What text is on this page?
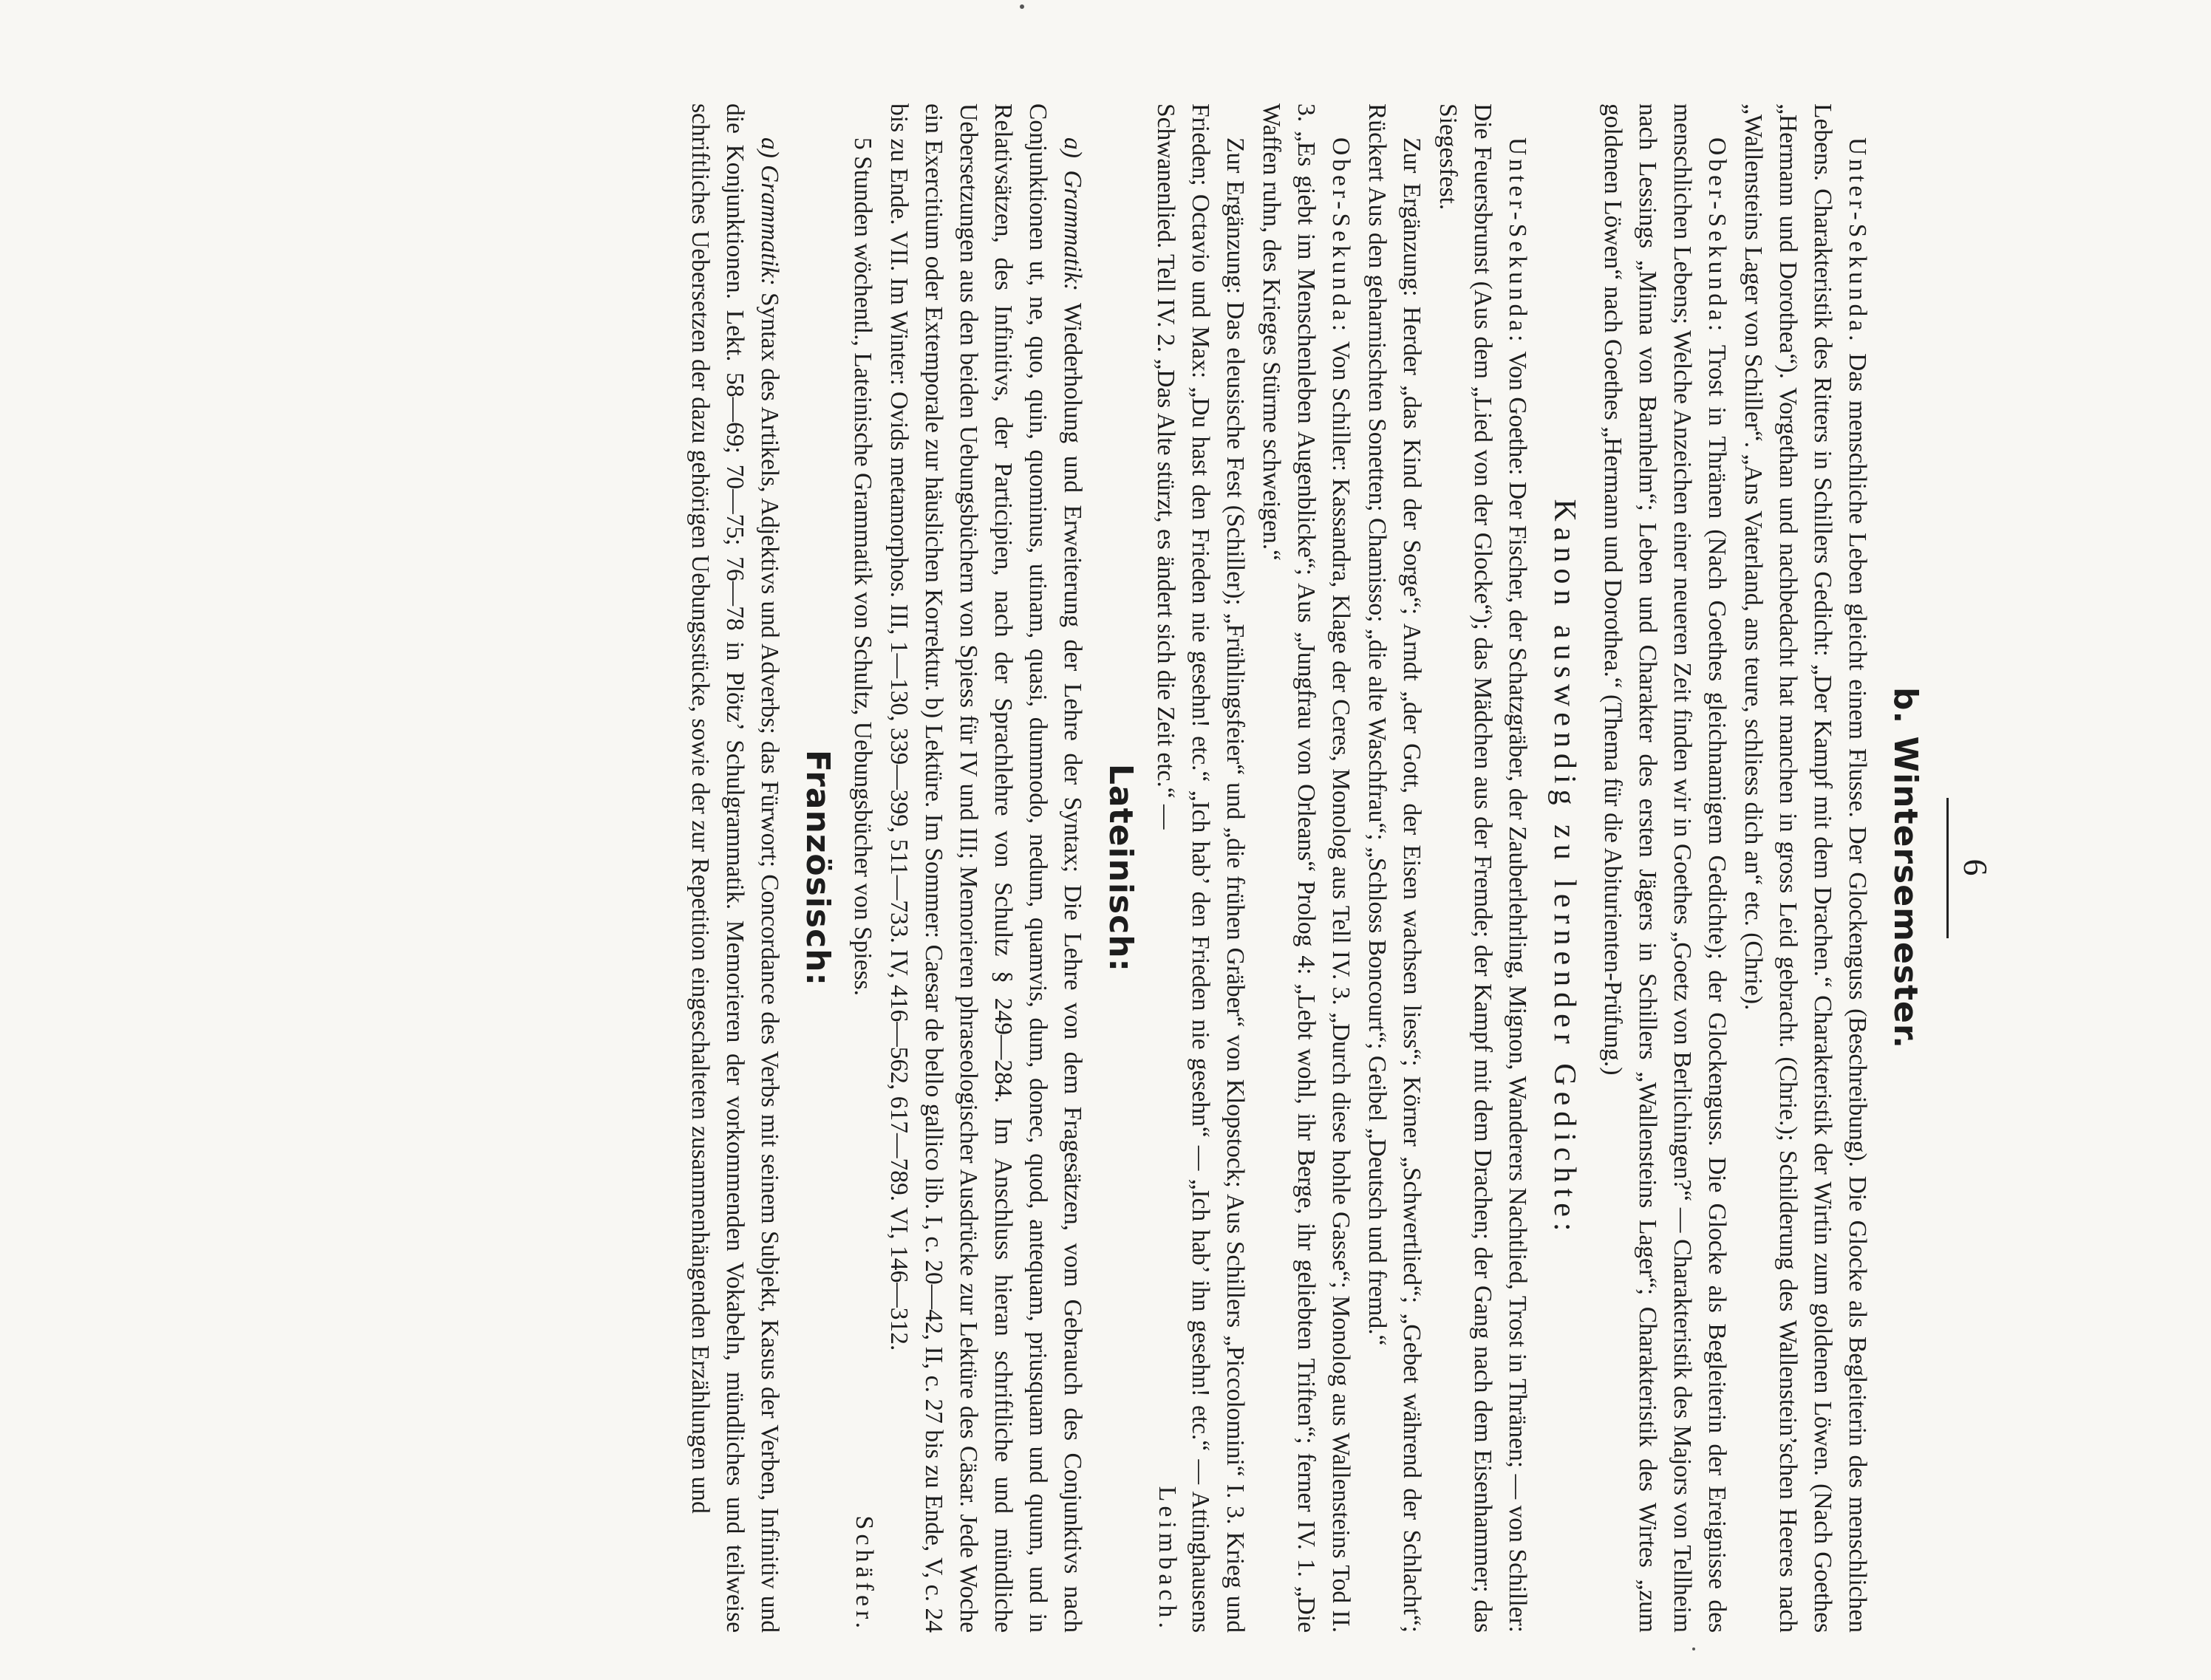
6
b. Wintersemester.

Unter-Sekunda. Das menschliche Leben gleicht einem Flusse. Der Glockenguss (Beschreibung). Die Glocke als Begleiterin des menschlichen Lebens. Charakteristik des Ritters in Schillers Gedicht: „Der Kampf mit dem Drachen.“ Charakteristik der Wirtin zum goldenen Löwen. (Nach Goethes „Hermann und Dorothea“). Vorgethan und nachbedacht hat manchen in gross Leid gebracht. (Chrie.); Schilderung des Wallenstein’schen Heeres nach „Wallensteins Lager von Schiller“. „Ans Vaterland, ans teure, schliess dich an“ etc. (Chrie).

Ober-Sekunda: Trost in Thränen (Nach Goethes gleichnamigem Gedichte); der Glockenguss. Die Glocke als Begleiterin der Ereignisse des menschlichen Lebens; Welche Anzeichen einer neueren Zeit finden wir in Goethes „Goetz von Berlichingen?“ — Charakteristik des Majors von Tellheim nach Lessings „Minna von Barnhelm“; Leben und Charakter des ersten Jägers in Schillers „Wallensteins Lager“; Charakteristik des Wirtes „zum goldenen Löwen“ nach Goethes „Hermann und Dorothea.“ (Thema für die Abiturienten-Prüfung.)

Kanon auswendig zu lernender Gedichte:

Unter-Sekunda: Von Goethe: Der Fischer, der Schatzgräber, der Zauberlehrling, Mignon, Wanderers Nachtlied, Trost in Thränen; — von Schiller: Die Feuersbrunst (Aus dem „Lied von der Glocke“); das Mädchen aus der Fremde; der Kampf mit dem Drachen; der Gang nach dem Eisenhammer; das Siegesfest.

Zur Ergänzung: Herder „das Kind der Sorge“; Arndt „der Gott, der Eisen wachsen liess“; Körner „Schwertlied“; „Gebet während der Schlacht“; Rückert Aus den geharnischten Sonetten; Chamisso; „die alte Waschfrau“; „Schloss Boncourt“; Geibel „Deutsch und fremd.“

Ober-Sekunda: Von Schiller: Kassandra, Klage der Ceres, Monolog aus Tell IV. 3. „Durch diese hohle Gasse“; Monolog aus Wallensteins Tod II. 3. „Es giebt im Menschenleben Augenblicke“; Aus „Jungfrau von Orleans“ Prolog 4: „Lebt wohl, ihr Berge, ihr geliebten Triften“; ferner IV. 1. „Die Waffen ruhn, des Krieges Stürme schweigen.“

Zur Ergänzung: Das eleusische Fest (Schiller); „Frühlingsfeier“ und „die frühen Gräber“ von Klopstock; Aus Schillers „Piccolomini“ I. 3. Krieg und Frieden; Octavio und Max: „Du hast den Frieden nie gesehn! etc.“ „Ich hab’ den Frieden nie gesehn“ — „Ich hab’ ihn gesehn! etc.“ — Attinghausens Schwanenlied. Tell IV. 2. „Das Alte stürzt, es ändert sich die Zeit etc.“ —

Leimbach.
Lateinisch:

a) Grammatik: Wiederholung und Erweiterung der Lehre der Syntax; Die Lehre von dem Fragesätzen, vom Gebrauch des Conjunktivs nach Conjunktionen ut, ne, quo, quin, quominus, utinam, quasi, dummodo, nedum, quamvis, dum, donec, quod, antequam, priusquam und quum, und in Relativsätzen, des Infinitivs, der Participien, nach der Sprachlehre von Schultz § 249—284. Im Anschluss hieran schriftliche und mündliche Uebersetzungen aus den beiden Uebungsbüchern von Spiess für IV und III; Memorieren phraseologischer Ausdrücke zur Lektüre des Cäsar. Jede Woche ein Exercitium oder Extemporale zur häuslichen Korrektur. b) Lektüre. Im Sommer: Caesar de bello gallico lib. I, c. 20—42, II, c. 27 bis zu Ende, V, c. 24 bis zu Ende. VII. Im Winter: Ovids metamorphos. III, 1—130, 339—399, 511—733. IV, 416—562, 617—789. VI, 146—312.

5 Stunden wöchentl., Lateinische Grammatik von Schultz, Uebungsbücher von Spiess.

Schäfer.
Französisch:

a) Grammatik: Syntax des Artikels, Adjektivs und Adverbs; das Fürwort; Concordance des Verbs mit seinem Subjekt, Kasus der Verben, Infinitiv und die Konjunktionen. Lekt. 58—69; 70—75; 76—78 in Plötz’ Schulgrammatik. Memorieren der vorkommenden Vokabeln, mündliches und teilweise schriftliches Uebersetzen der dazu gehörigen Uebungsstücke, sowie der zur Repetition eingeschalteten zusammenhängenden Erzählungen und
